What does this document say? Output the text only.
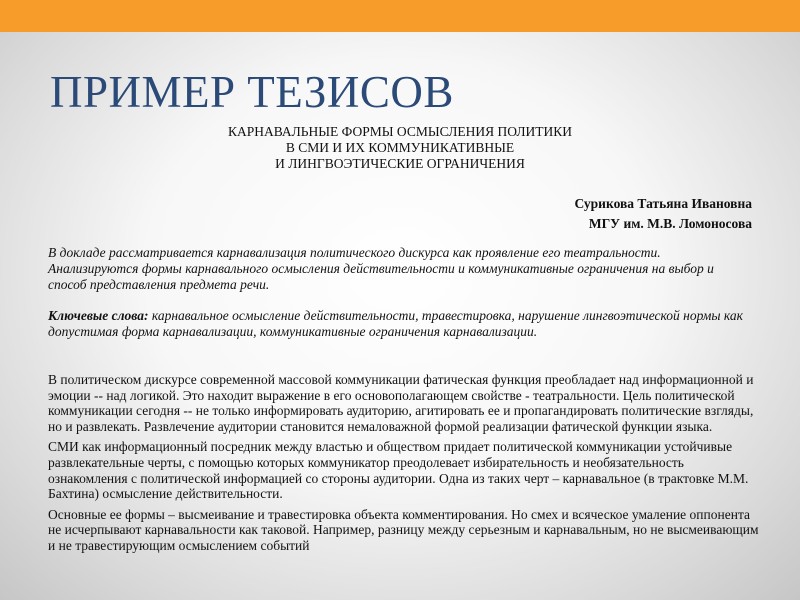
ПРИМЕР ТЕЗИСОВ
КАРНАВАЛЬНЫЕ ФОРМЫ ОСМЫСЛЕНИЯ ПОЛИТИКИ
В СМИ И ИХ КОММУНИКАТИВНЫЕ
И ЛИНГВОЭТИЧЕСКИЕ ОГРАНИЧЕНИЯ
Сурикова Татьяна Ивановна
МГУ им. М.В. Ломоносова

В докладе рассматривается карнавализация политического дискурса как проявление его театральности. Анализируются формы карнавального осмысления действительности и коммуникативные ограничения на выбор и способ представления предмета речи.

Ключевые слова: карнавальное осмысление действительности, травестировка, нарушение лингвоэтической нормы как допустимая форма карнавализации, коммуникативные ограничения карнавализации.

В политическом дискурсе современной массовой коммуникации фатическая функция преобладает над информационной и эмоции -- над логикой. Это находит выражение в его основополагающем свойстве - театральности. Цель политической коммуникации сегодня -- не только информировать аудиторию, агитировать ее и пропагандировать политические взгляды, но и развлекать. Развлечение аудитории становится немаловажной формой реализации фатической функции языка.

СМИ как информационный посредник между властью и обществом придает политической коммуникации устойчивые развлекательные черты, с помощью которых коммуникатор преодолевает избирательность и необязательность ознакомления с политической информацией со стороны аудитории. Одна из таких черт – карнавальное (в трактовке М.М. Бахтина) осмысление действительности.

Основные ее формы – высмеивание и травестировка объекта комментирования. Но смех и всяческое умаление оппонента не исчерпывают карнавальности как таковой. Например, разницу между серьезным и карнавальным, но не высмеивающим и не травестирующим осмыслением событий
